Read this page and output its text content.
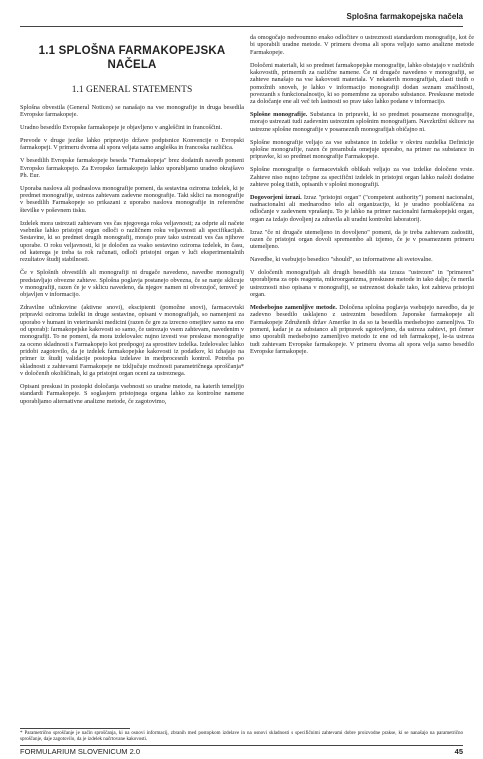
Splošna farmakopejska načela
1.1 SPLOŠNA FARMAKOPEJSKA NAČELA
1.1 GENERAL STATEMENTS

Splošna obvestila (General Notices) se nanašajo na vse monografije in druga besedila Evropske farmakopeje.

Uradno besedilo Evropske farmakopeje je objavljeno v angleščini in francoščini.

Prevode v druge jezike lahko pripravijo države podpisnice Konvencije o Evropski farmakopeji. V primeru dvoma ali spora veljata samo angleška in francoska različica.

V besedilih Evropske farmakopeje beseda "Farmakopeja" brez dodatnih navedb pomeni Evropsko farmakopejo. Za Evropsko farmakopejo lahko uporabljamo uradno okrajšavo Ph. Eur.

Uporaba naslova ali podnaslova monografije pomeni, da sestavina oziroma izdelek, ki je predmet monografije, ustreza zahtevam zadevne monografije. Taki sklici na monografije v besedilih Farmakopeje so prikazani z uporabo naslova monografije in referenčne številke v poševnem tisku.

Izdelek mora ustrezati zahtevam ves čas njegovega roka veljavnosti; za odprte ali načete vsebnike lahko pristojni organ odloči o različnem roku veljavnosti ali specifikacijah. Sestavine, ki so predmet drugih monografij, morajo prav tako ustrezati ves čas njihove uporabe. O roku veljavnosti, ki je določen za vsako sestavino oziroma izdelek, in času, od katerega je treba ta rok računati, odloči pristojni organ v luči eksperimentalnih rezultatov študij stabilnosti.

Če v Splošnih obvestilih ali monografiji ni drugače navedeno, navedbe monografij predstavljajo obvezne zahteve. Splošna poglavja postanejo obvezna, če se nanje sklicuje v monografiji, razen če je v sklicu navedeno, da njegov namen ni obvezujoč, temveč je objavljen v informacijo.

Zdravilne učinkovine (aktivne snovi), ekscipienti (pomožne snovi), farmacevtski pripravki oziroma izdelki in druge sestavine, opisani v monografijah, so namenjeni za uporabo v humani in veterinarski medicini (razen če gre za izrecno omejitev samo na eno od uporab): farmakopejske kakovosti so samo, če ustrezajo vsem zahtevam, navedenim v monografiji. To ne pomeni, da mora izdelovalec nujno izvesti vse preskuse monografije za oceno skladnosti s Farmakopejo kot predpogoj za sprostitev izdelka. Izdelovalec lahko pridobi zagotovilo, da je izdelek farmakopejske kakovosti iz podatkov, ki izhajajo na primer iz študij validacije postopka izdelave in medprocesnih kontrol. Potreba po skladnosti z zahtevami Farmakopeje ne izključuje možnosti parametričnega sproščanja* v določenih okoliščinah, ki ga pristojni organ oceni za ustreznega.

Opisani preskusi in postopki določanja vsebnosti so uradne metode, na katerih temeljijo standardi Farmakopeje. S soglasjem pristojnega organa lahko za kontrolne namene uporabljamo alternativne analizne metode, če zagotovimo,

da omogočajo nedvoumno enako odločitev o ustreznosti standardom monografije, kot če bi uporabili uradne metode. V primeru dvoma ali spora veljajo samo analizne metode Farmakopeje.

Določeni materiali, ki so predmet farmakopejske monografije, lahko obstajajo v različnih kakovostih, primernih za različne namene. Če ni drugače navedeno v monografiji, se zahteve nanašajo na vse kakovosti materiala. V nekaterih monografijah, zlasti tistih o pomožnih snoveh, je lahko v informacijo monografiji dodan seznam značilnosti, povezanih s funkcionalnostjo, ki so pomembne za uporabo substance. Preskusne metode za določanje ene ali več teh lastnosti so prav tako lahko podane v informacijo.

Splošne monografije. Substanca in pripravki, ki so predmet posamezne monografije, morajo ustrezati tudi zadevnim ustreznim splošnim monografijam. Navzkrižni sklicev na ustrezne splošne monografije v posameznih monografijah običajno ni.

Splošne monografije veljajo za vse substance in izdelke v okviru razdelka Definicije splošne monografije, razen če preambula omejuje uporabo, na primer na substance in pripravke, ki so predmet monografije Farmakopeje.

Splošne monografije o farmacevtskih oblikah veljajo za vse izdelke določene vrste. Zahteve niso nujno izčrpne za specifični izdelek in pristojni organ lahko naloži dodatne zahteve poleg tistih, opisanih v splošni monografiji.

Dogovorjeni izrazi. Izraz "pristojni organ" ("competent authority") pomeni nacionalni, nadnacionalni ali mednarodno telo ali organizacijo, ki je uradno pooblaščena za odločanje v zadevnem vprašanju. To je lahko na primer nacionalni farmakopejski organ, organ za izdajo dovoljenj za zdravila ali uradni kontrolni laboratorij.

Izraz "če ni drugače utemeljeno in dovoljeno" pomeni, da je treba zahtevam zadostiti, razen če pristojni organ dovoli spremembo ali izjemo, če je v posameznem primeru utemeljeno.

Navedbe, ki vsebujejo besedico "should", so informativne ali svetovalne.

V določenih monografijah ali drugih besedilih sta izraza "ustrezen" in "primeren" uporabljena za opis reagenta, mikroorganizma, preskusne metode in tako dalje; če merila ustreznosti niso opisana v monografiji, se ustreznost dokaže tako, kot zahteva pristojni organ.

Medsebojno zamenljive metode. Določena splošna poglavja vsebujejo navedbo, da je zadevno besedilo usklajeno z ustreznim besedilom Japonske farmakopeje ali Farmakopeje Združenih držav Amerike in da so ta besedila medsebojno zamenljiva. To pomeni, kadar je za substanco ali pripravek ugotovljeno, da ustreza zahtevi, pri čemer smo uporabili medsebojno zamenljivo metodo iz ene od teh farmakopej, le-ta ustreza tudi zahtevam Evropske farmakopeje. V primeru dvoma ali spora velja samo besedilo Evropske farmakopeje.

* Parametrično sproščanje je način sproščanja, ki na osnovi informacij, zbranih med postopkom izdelave in na osnovi skladnosti s specifičnimi zahtevami dobre proizvodne prakse, ki se nanašajo na parametrično sproščanje, daje zagotovilo, da je izdelek načrtovane kakovosti.
FORMULARIUM SLOVENICUM 2.0	45
